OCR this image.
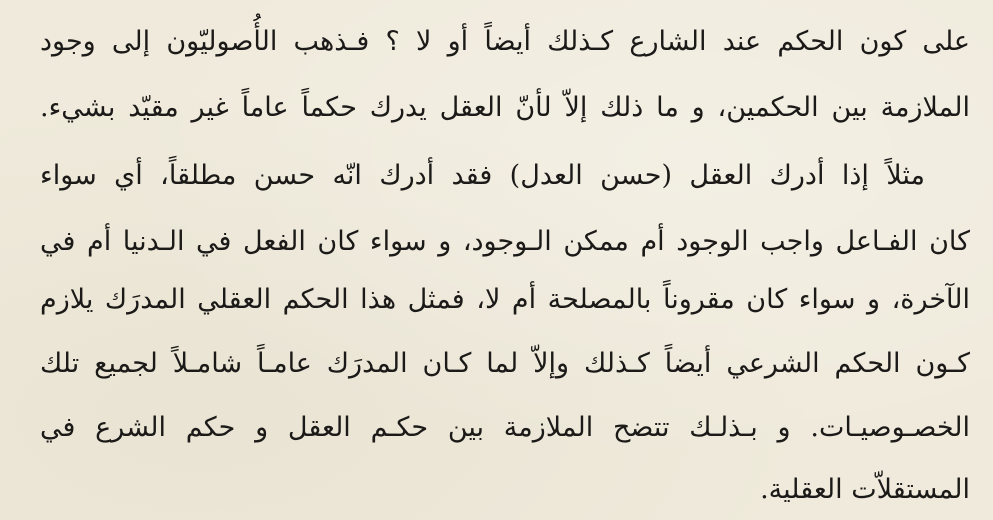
على كون الحكم عند الشارع كـذلك أيضاً أو لا ؟ فـذهب الأُصوليّون إلى وجود
الملازمة بين الحكمين، و ما ذلك إلاّ لأنّ العقل يدرك حكماً عاماً غير مقيّد بشيء.
مثلاً إذا أدرك العقل (حسن العدل) فقد أدرك انّه حسن مطلقاً، أي سواء
كان الفـاعل واجب الوجود أم ممكن الـوجود، و سواء كان الفعل في الـدنيا أم في
الآخرة، و سواء كان مقروناً بالمصلحة أم لا، فمثل هذا الحكم العقلي المدرَك يلازم
كـون الحكم الشرعي أيضاً كـذلك وإلاّ لما كـان المدرَك عامـاً شامـلاً لجميع تلك
الخصـوصيـات. و بـذلـك تتضح الملازمة بين حكـم العقل و حكم الشرع في
المستقلاّت العقلية.
